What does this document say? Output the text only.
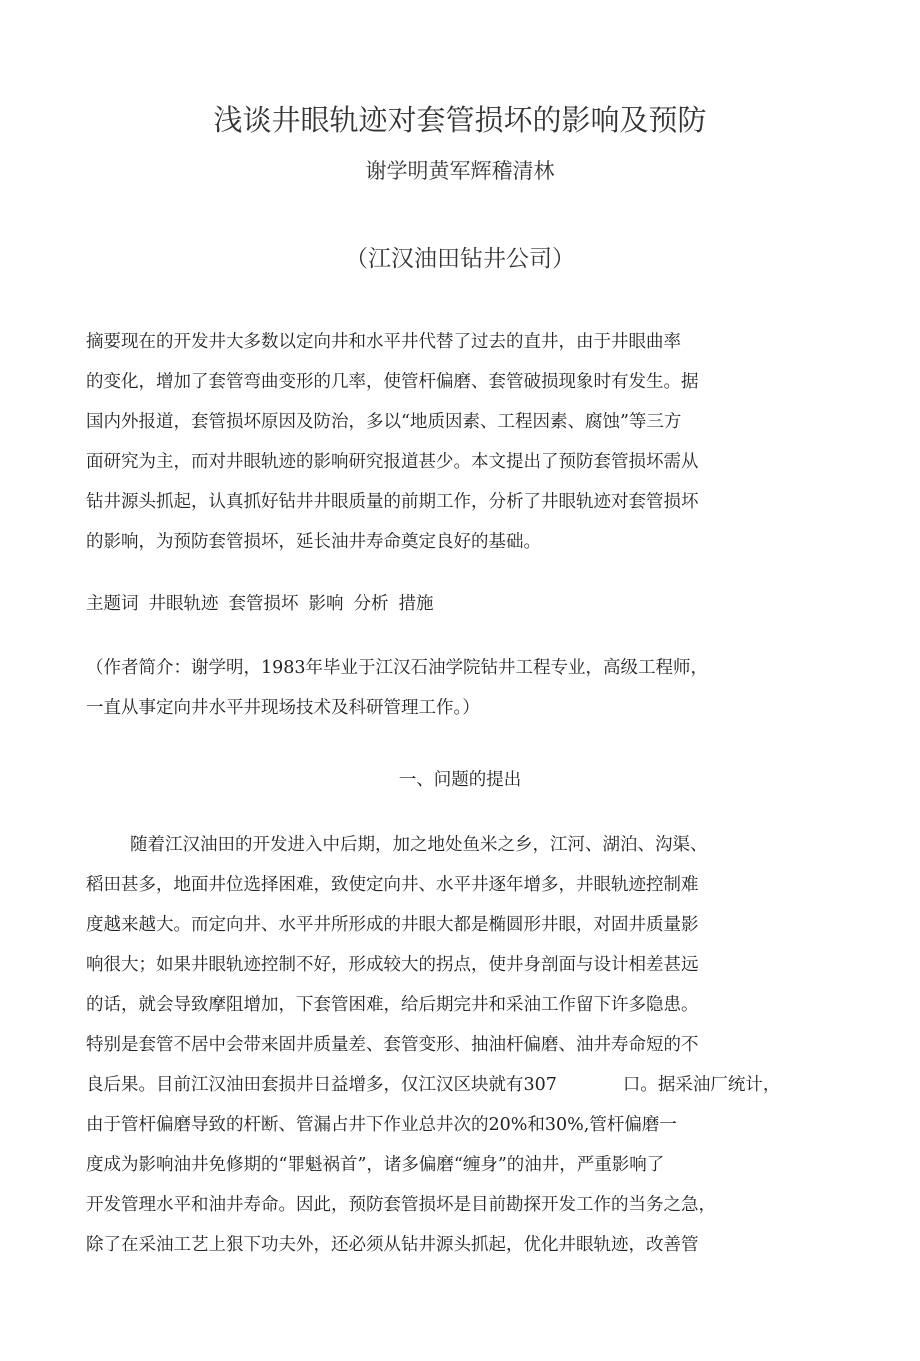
浅谈井眼轨迹对套管损坏的影响及预防
谢学明黄军辉稽清林
（江汉油田钻井公司）
摘要现在的开发井大多数以定向井和水平井代替了过去的直井，由于井眼曲率
的变化，增加了套管弯曲变形的几率，使管杆偏磨、套管破损现象时有发生。据
国内外报道，套管损坏原因及防治，多以“地质因素、工程因素、腐蚀”等三方
面研究为主，而对井眼轨迹的影响研究报道甚少。本文提出了预防套管损坏需从
钻井源头抓起，认真抓好钻井井眼质量的前期工作，分析了井眼轨迹对套管损坏
的影响，为预防套管损坏，延长油井寿命奠定良好的基础。
主题词 井眼轨迹 套管损坏 影响 分析 措施
（作者简介：谢学明，1983年毕业于江汉石油学院钻井工程专业，高级工程师，
一直从事定向井水平井现场技术及科研管理工作。）
一、问题的提出
随着江汉油田的开发进入中后期，加之地处鱼米之乡，江河、湖泊、沟渠、
稻田甚多，地面井位选择困难，致使定向井、水平井逐年增多，井眼轨迹控制难
度越来越大。而定向井、水平井所形成的井眼大都是椭圆形井眼，对固井质量影
响很大；如果井眼轨迹控制不好，形成较大的拐点，使井身剖面与设计相差甚远
的话，就会导致摩阻增加，下套管困难，给后期完井和采油工作留下许多隐患。
特别是套管不居中会带来固井质量差、套管变形、抽油杆偏磨、油井寿命短的不
良后果。目前江汉油田套损井日益增多，仅江汉区块就有307	口。据采油厂统计，
由于管杆偏磨导致的杆断、管漏占井下作业总井次的20%和30%,管杆偏磨一
度成为影响油井免修期的“罪魁祸首”，诸多偏磨“缠身”的油井，严重影响了
开发管理水平和油井寿命。因此，预防套管损坏是目前勘探开发工作的当务之急，
除了在采油工艺上狠下功夫外，还必须从钻井源头抓起，优化井眼轨迹，改善管
